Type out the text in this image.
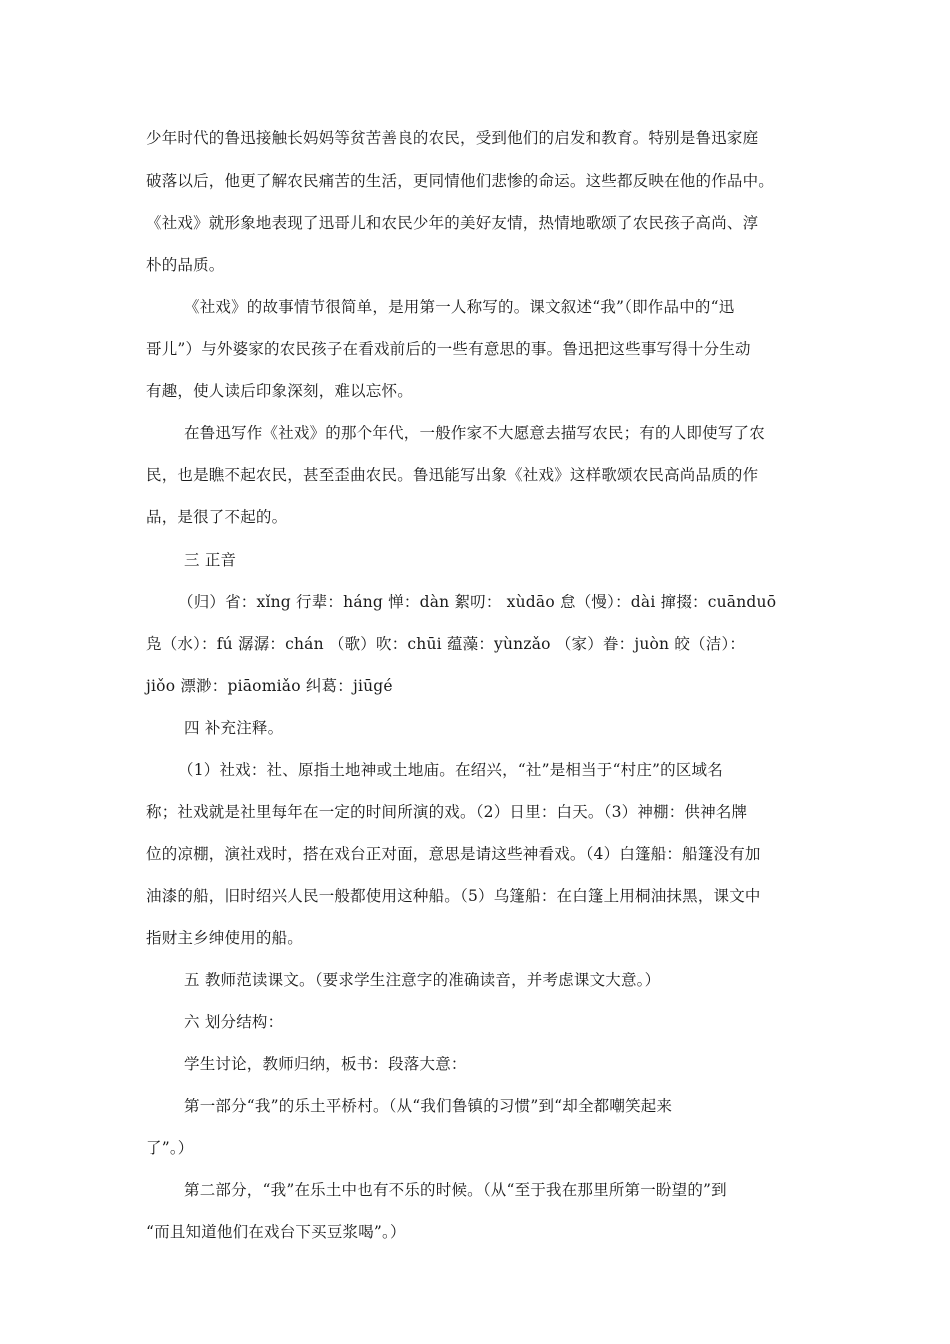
少年时代的鲁迅接触长妈妈等贫苦善良的农民，受到他们的启发和教育。特别是鲁迅家庭
破落以后，他更了解农民痛苦的生活，更同情他们悲惨的命运。这些都反映在他的作品中。
《社戏》就形象地表现了迅哥儿和农民少年的美好友情，热情地歌颂了农民孩子高尚、淳
朴的品质。
《社戏》的故事情节很简单，是用第一人称写的。课文叙述“我”（即作品中的“迅
哥儿”）与外婆家的农民孩子在看戏前后的一些有意思的事。鲁迅把这些事写得十分生动
有趣，使人读后印象深刻，难以忘怀。
在鲁迅写作《社戏》的那个年代，一般作家不大愿意去描写农民；有的人即使写了农
民，也是瞧不起农民，甚至歪曲农民。鲁迅能写出象《社戏》这样歌颂农民高尚品质的作
品，是很了不起的。
三 正音
（归）省：xǐng 行辈：háng 惮：dàn 絮叨： xùdāo 怠（慢）：dài 撺掇：cuānduō
凫（水）：fú 潺潺：chán （歌）吹：chūi 蕴藻：yùnzǎo （家）眷：juòn 皎（洁）：
jiǒo 漂渺：piāomiǎo 纠葛：jiūgé
四 补充注释。
（1）社戏：社、原指土地神或土地庙。在绍兴，“社”是相当于“村庄”的区域名
称；社戏就是社里每年在一定的时间所演的戏。（2）日里：白天。（3）神棚：供神名牌
位的凉棚，演社戏时，搭在戏台正对面，意思是请这些神看戏。（4）白篷船：船篷没有加
油漆的船，旧时绍兴人民一般都使用这种船。（5）乌篷船：在白篷上用桐油抹黑，课文中
指财主乡绅使用的船。
五 教师范读课文。（要求学生注意字的准确读音，并考虑课文大意。）
六 划分结构：
学生讨论，教师归纳，板书：段落大意：
第一部分“我”的乐土平桥村。（从“我们鲁镇的习惯”到“却全都嘲笑起来
了”。）
第二部分，“我”在乐土中也有不乐的时候。（从“至于我在那里所第一盼望的”到
“而且知道他们在戏台下买豆浆喝”。）
